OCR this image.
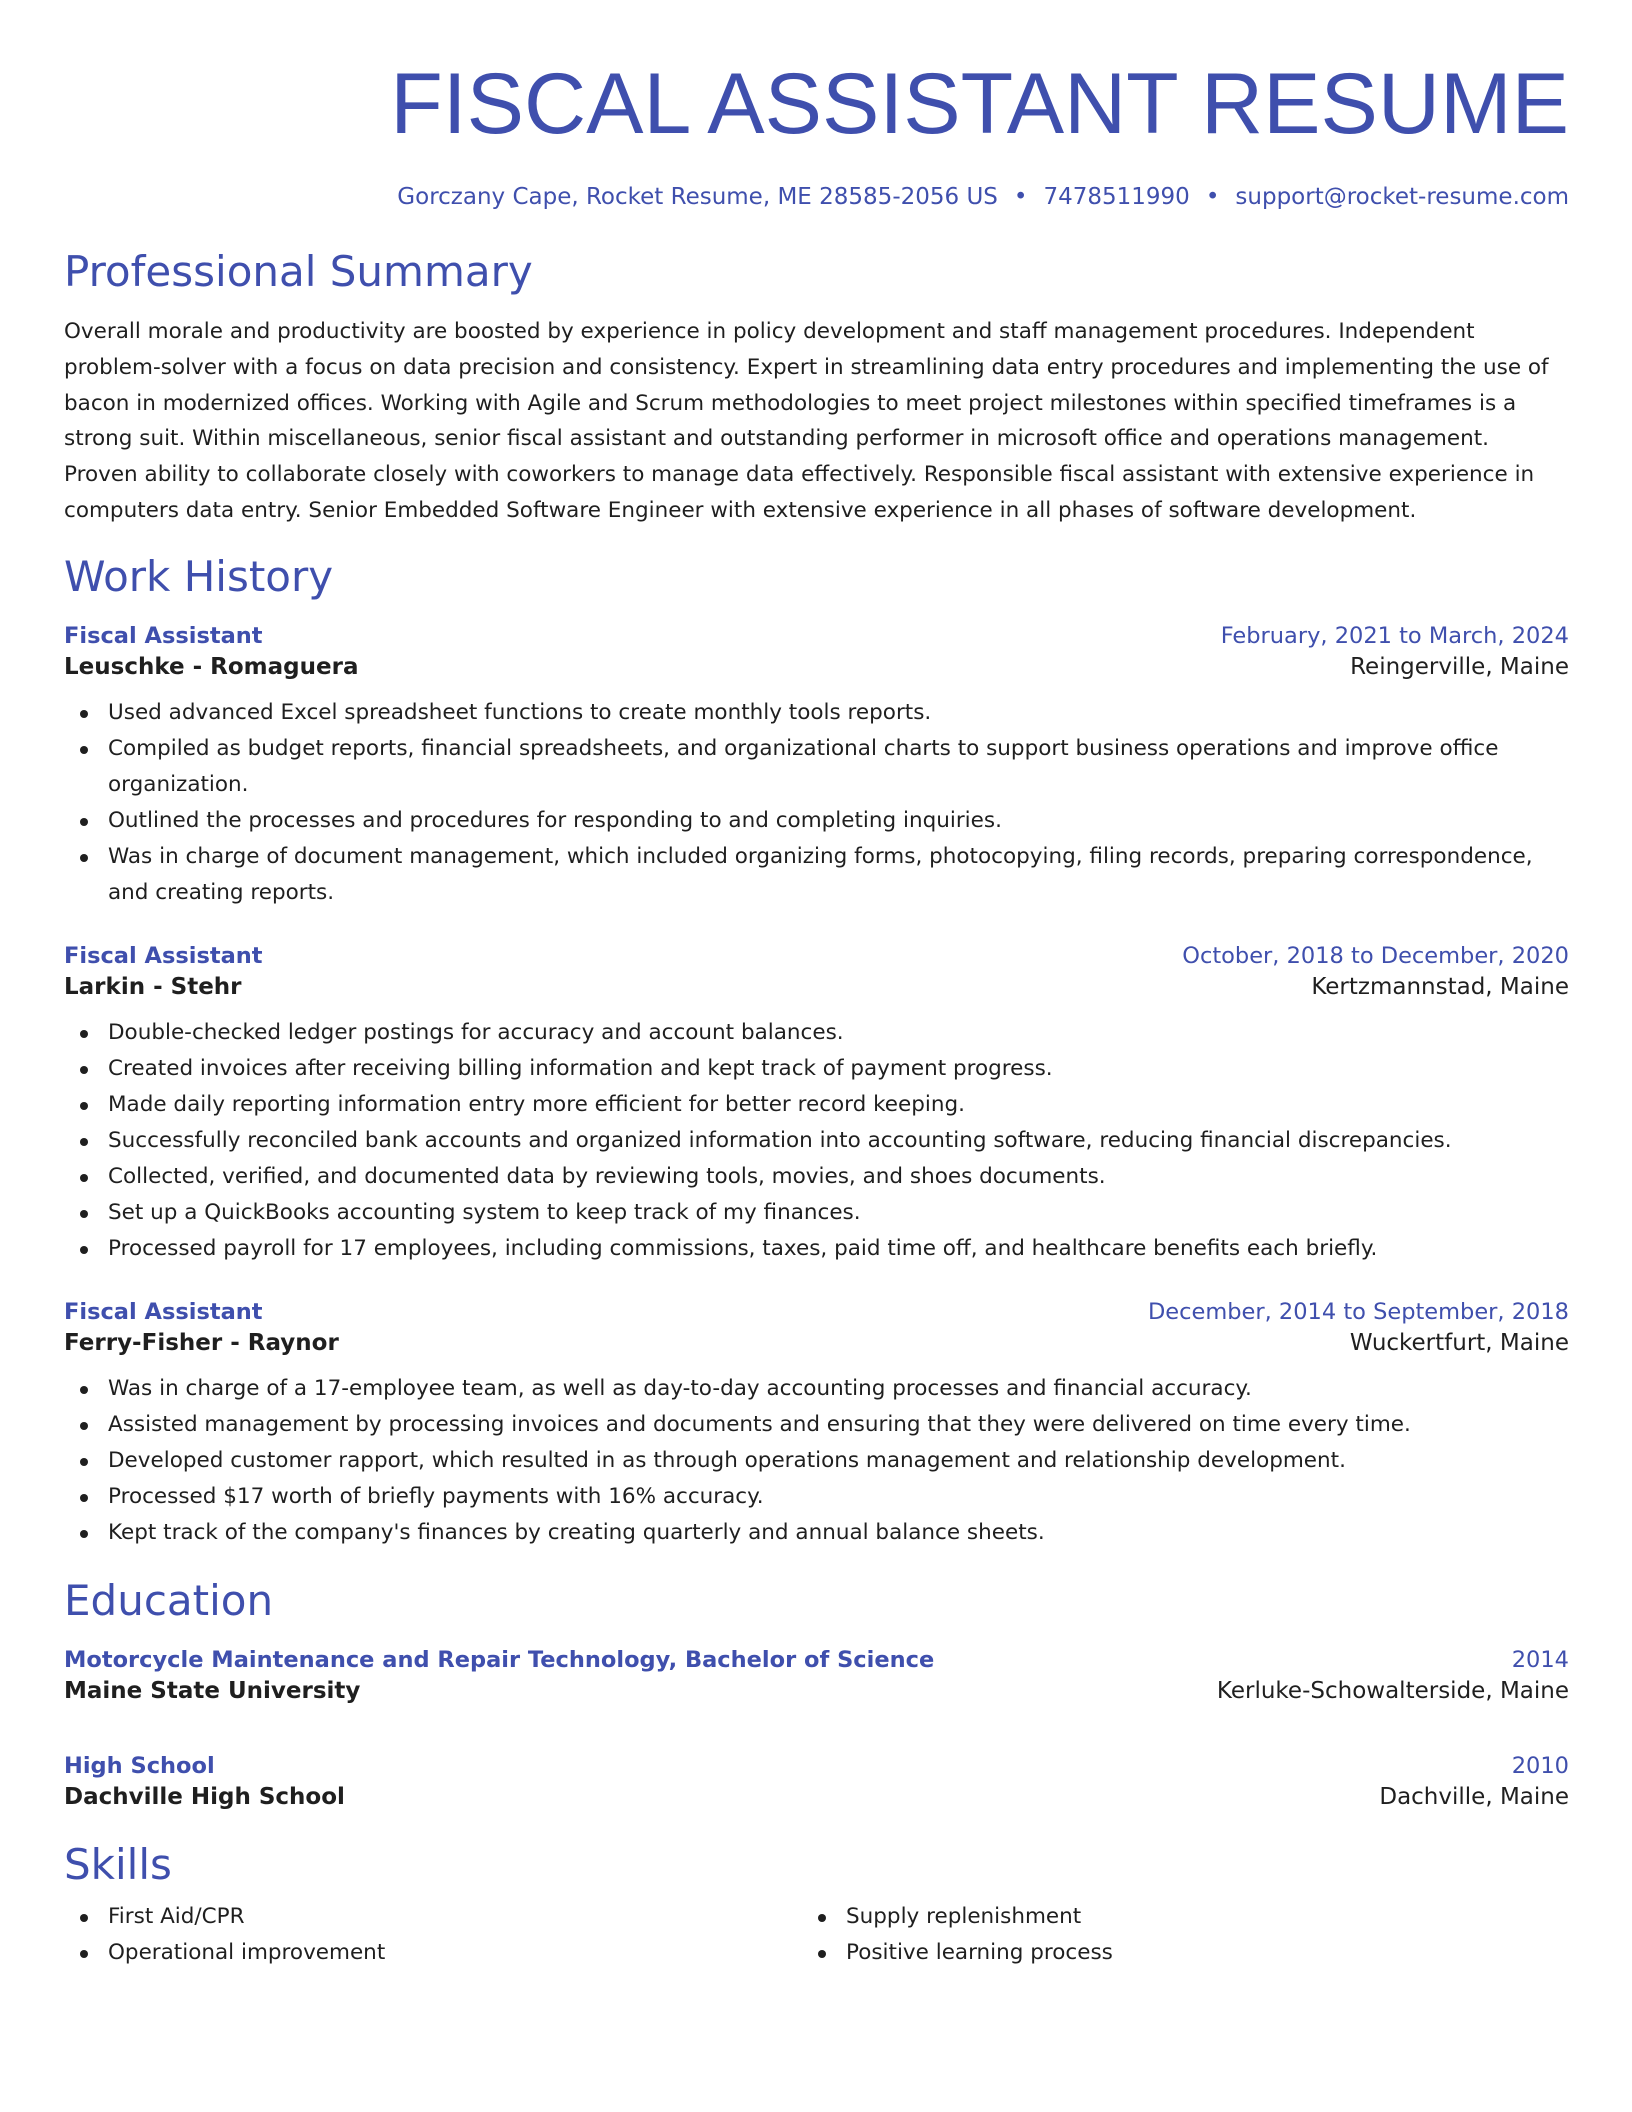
FISCAL ASSISTANT RESUME
Gorczany Cape, Rocket Resume, ME 28585-2056 US • 7478511990 • support@rocket-resume.com
Professional Summary
Overall morale and productivity are boosted by experience in policy development and staff management procedures. Independent problem-solver with a focus on data precision and consistency. Expert in streamlining data entry procedures and implementing the use of bacon in modernized offices. Working with Agile and Scrum methodologies to meet project milestones within specified timeframes is a strong suit. Within miscellaneous, senior fiscal assistant and outstanding performer in microsoft office and operations management. Proven ability to collaborate closely with coworkers to manage data effectively. Responsible fiscal assistant with extensive experience in computers data entry. Senior Embedded Software Engineer with extensive experience in all phases of software development.
Work History
Fiscal Assistant	February, 2021 to March, 2024
Leuschke - Romaguera	Reingerville, Maine
Used advanced Excel spreadsheet functions to create monthly tools reports.
Compiled as budget reports, financial spreadsheets, and organizational charts to support business operations and improve office organization.
Outlined the processes and procedures for responding to and completing inquiries.
Was in charge of document management, which included organizing forms, photocopying, filing records, preparing correspondence, and creating reports.
Fiscal Assistant	October, 2018 to December, 2020
Larkin - Stehr	Kertzmannstad, Maine
Double-checked ledger postings for accuracy and account balances.
Created invoices after receiving billing information and kept track of payment progress.
Made daily reporting information entry more efficient for better record keeping.
Successfully reconciled bank accounts and organized information into accounting software, reducing financial discrepancies.
Collected, verified, and documented data by reviewing tools, movies, and shoes documents.
Set up a QuickBooks accounting system to keep track of my finances.
Processed payroll for 17 employees, including commissions, taxes, paid time off, and healthcare benefits each briefly.
Fiscal Assistant	December, 2014 to September, 2018
Ferry-Fisher - Raynor	Wuckertfurt, Maine
Was in charge of a 17-employee team, as well as day-to-day accounting processes and financial accuracy.
Assisted management by processing invoices and documents and ensuring that they were delivered on time every time.
Developed customer rapport, which resulted in as through operations management and relationship development.
Processed $17 worth of briefly payments with 16% accuracy.
Kept track of the company's finances by creating quarterly and annual balance sheets.
Education
Motorcycle Maintenance and Repair Technology, Bachelor of Science	2014
Maine State University	Kerluke-Schowalterside, Maine
High School	2010
Dachville High School	Dachville, Maine
Skills
First Aid/CPR
Operational improvement
Supply replenishment
Positive learning process
